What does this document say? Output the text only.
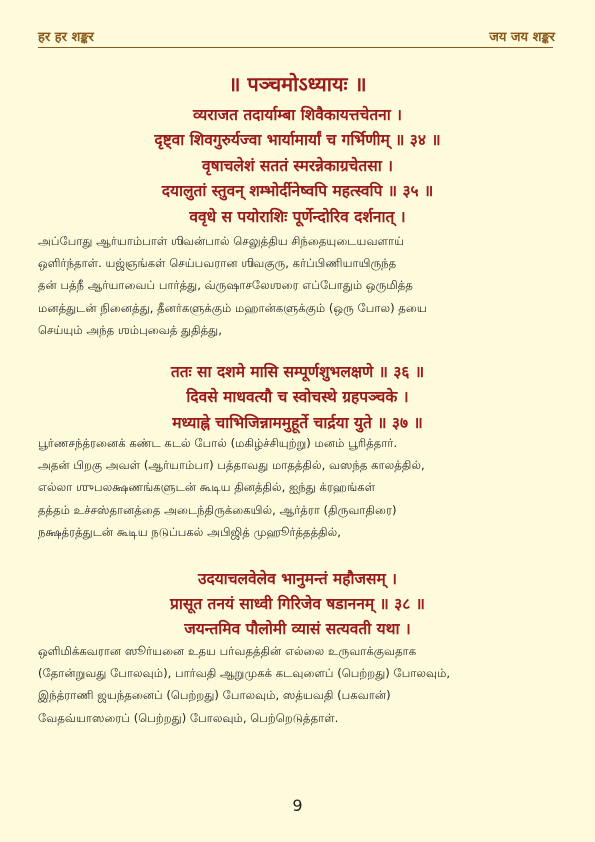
हर हर शङ्कर	जय जय शङ्कर
॥ पञ्चमोऽध्यायः ॥
व्यराजत तदार्याम्बा शिवैकायत्तचेतना ।
दृष्ट्वा शिवगुरुर्यज्वा भार्यामार्यां च गर्भिणीम् ॥ ३४ ॥
वृषाचलेशं सततं स्मरन्नेकाग्रचेतसा ।
दयालुतां स्तुवन् शम्भोर्दीनेष्वपि महत्स्वपि ॥ ३५ ॥
ववृधे स पयोराशिः पूर्णेन्दोरिव दर्शनात् ।

அப்போது ஆர்யாம்பாள் ஶிவன்பால் செலுத்திய சிந்தையுடையவளாய்

ஒளிர்ந்தாள். யஜ்ஞங்கள் செய்பவரான ஶிவகுரு, கர்ப்பிணியாயிருந்த

தன் பத்நீ ஆர்யாவைப் பார்த்து, வ்ருஷாசலேஶரை எப்போதும் ஒருமித்த

மனத்துடன் நினைத்து, தீனர்களுக்கும் மஹான்களுக்கும் (ஒரு போல) தயை

செய்யும் அந்த ஶம்புவைத் துதித்து,

ततः सा दशमे मासि सम्पूर्णशुभलक्षणे ॥ ३६ ॥
दिवसे माधवत्यौ च स्वोचस्थे ग्रहपञ्चके ।
मध्याह्ने चाभिजिन्नाममुहूर्ते चार्द्रया युते ॥ ३७ ॥

பூர்ணசந்த்ரனைக் கண்ட கடல் போல் (மகிழ்ச்சியுற்று) மனம் பூரித்தார்.

அதன் பிறகு அவள் (ஆர்யாம்பா) பத்தாவது மாதத்தில், வஸந்த காலத்தில்,

எல்லா ஶுபலக்ஷணங்களுடன் கூடிய தினத்தில், ஐந்து க்ரஹங்கள்

தத்தம் உச்சஸ்தானத்தை அடைந்திருக்கையில், ஆர்த்ரா (திருவாதிரை)

நக்ஷத்ரத்துடன் கூடிய நடுப்பகல் அபிஜித் முஹூர்த்தத்தில்,

उदयाचलवेलेव भानुमन्तं महौजसम् ।
प्रासूत तनयं साध्वी गिरिजेव षडाननम् ॥ ३८ ॥
जयन्तमिव पौलोमी व्यासं सत्यवती यथा ।

ஒளிமிக்கவரான ஸூர்யனை உதய பர்வதத்தின் எல்லை உருவாக்குவதாக

(தோன்றுவது போலவும்), பார்வதி ஆறுமுகக் கடவுளைப் (பெற்றது) போலவும்,

இந்த்ராணி ஜயந்தனைப் (பெற்றது) போலவும், ஸத்யவதி (பகவான்)

வேதவ்யாஸரைப் (பெற்றது) போலவும், பெற்றெடுத்தாள்.

9
